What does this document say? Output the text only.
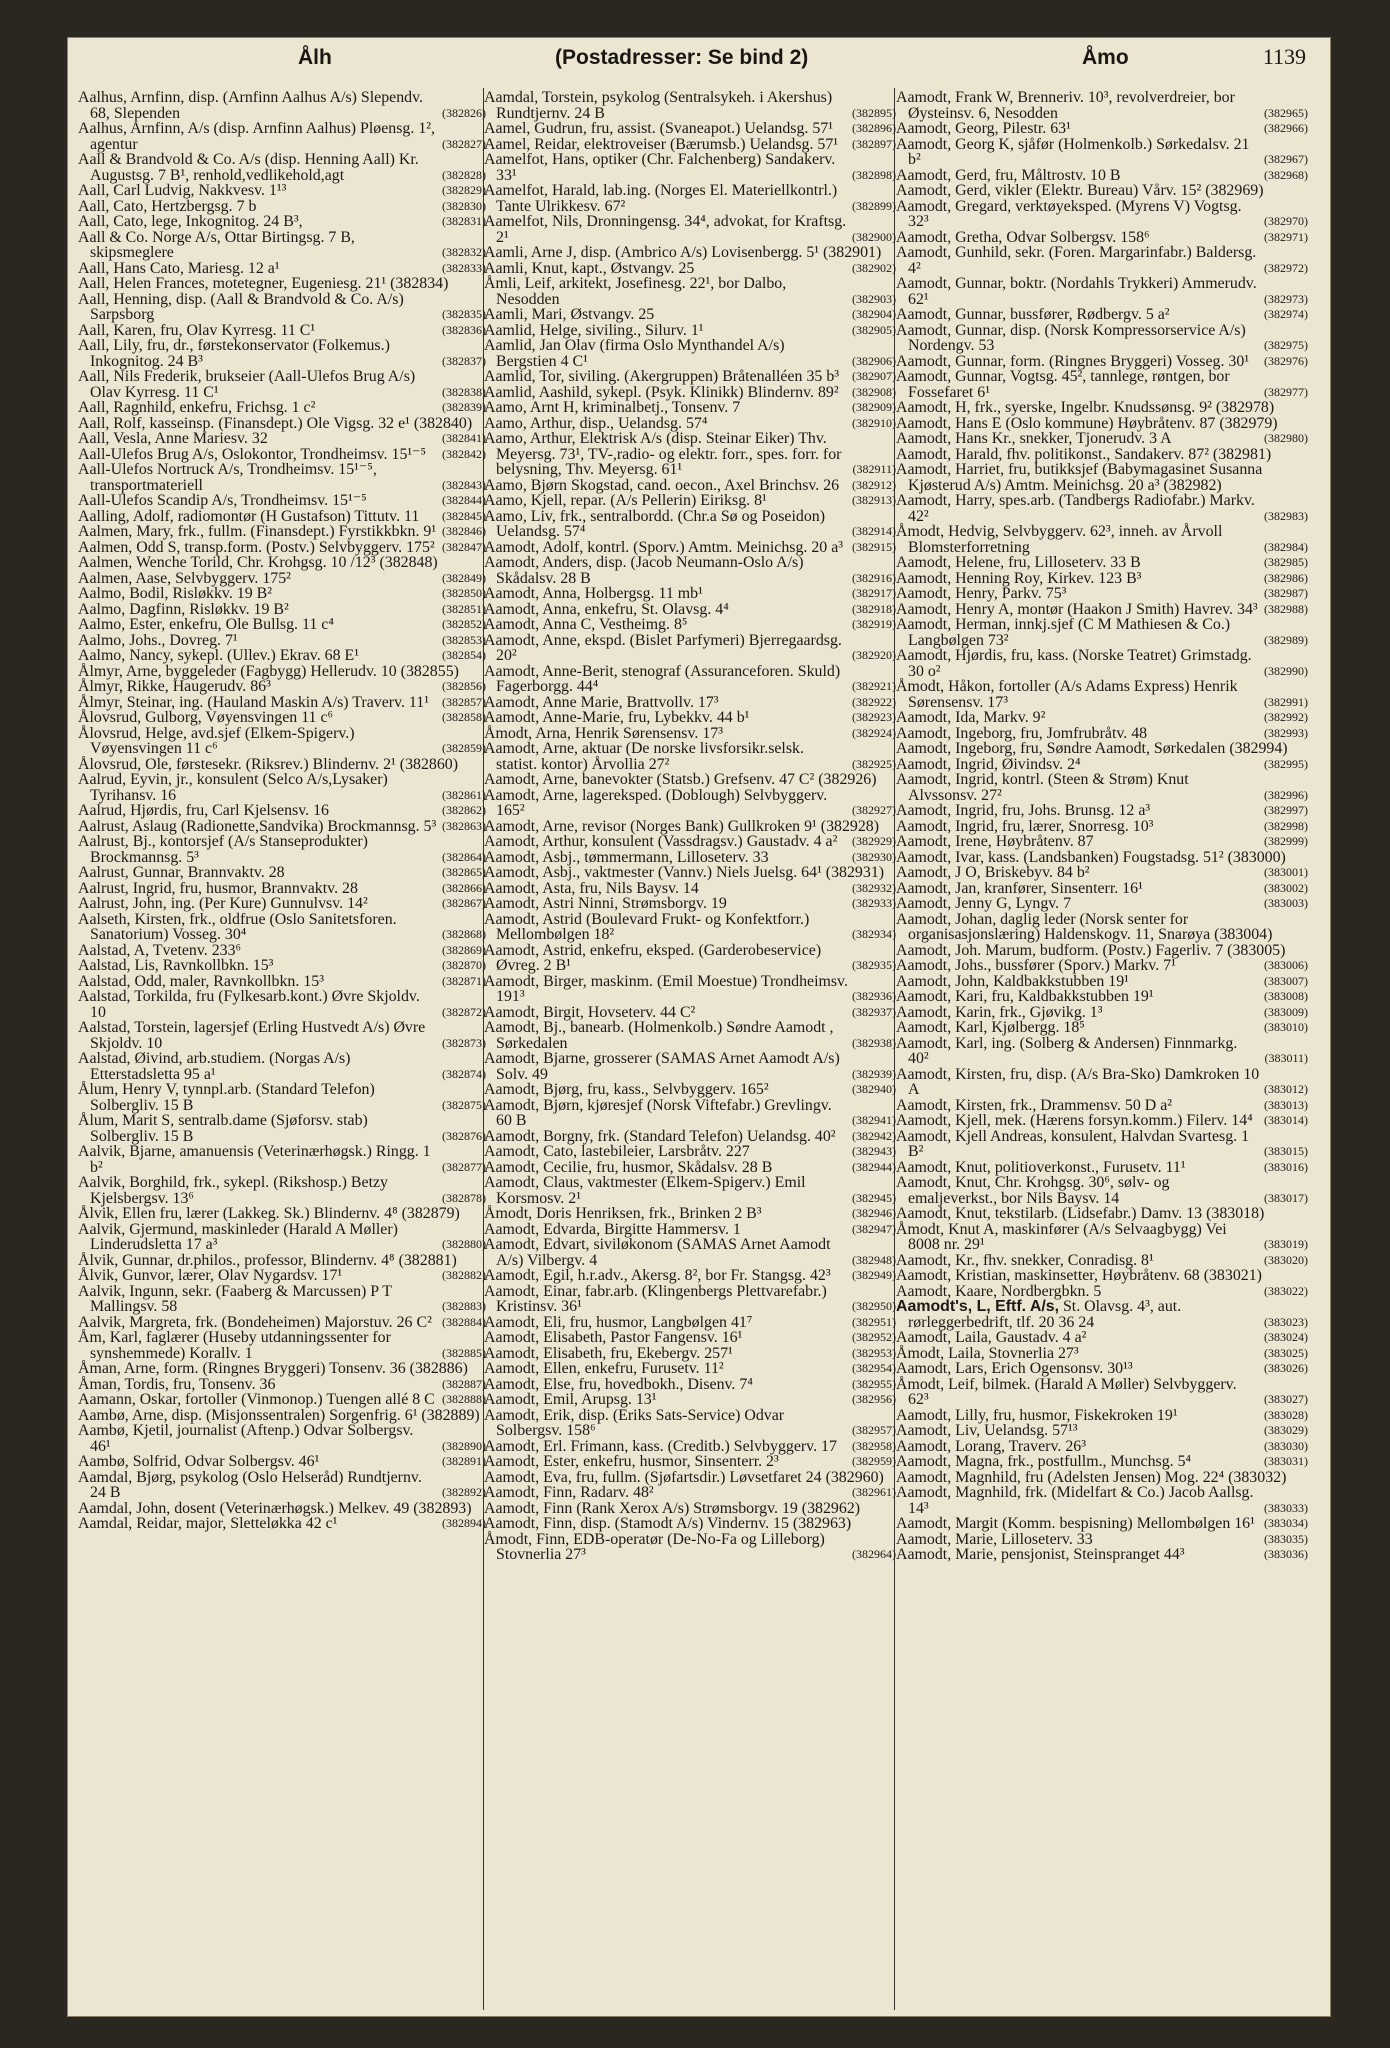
Ålh	(Postadresser: Se bind 2)	Åmo	1139
Aalhus, Arnfinn, disp. (Arnfinn Aalhus A/s) Slependv. 68, Slependen	(382826)
Aalhus, Arnfinn, A/s (disp. Arnfinn Aalhus) Pløensg. 1², agentur	(382827)
Aall & Brandvold & Co. A/s (disp. Henning Aall) Kr. Augustsg. 7 B¹, renhold,vedlikehold,agt	(382828)
Aall, Carl Ludvig, Nakkvesv. 1¹³	(382829)
Aall, Cato, Hertzbergsg. 7 b	(382830)
Aall, Cato, lege, Inkognitog. 24 B³,	(382831)
Aall & Co. Norge A/s, Ottar Birtingsg. 7 B, skipsmeglere	(382832)
Aall, Hans Cato, Mariesg. 12 a¹	(382833)
Aall, Helen Frances, motetegner, Eugeniesg. 21¹ (382834)
Aall, Henning, disp. (Aall & Brandvold & Co. A/s) Sarpsborg	(382835)
Aall, Karen, fru, Olav Kyrresg. 11 C¹	(382836)
Aall, Lily, fru, dr., førstekonservator (Folkemus.) Inkognitog. 24 B³	(382837)
Aall, Nils Frederik, brukseier (Aall-Ulefos Brug A/s) Olav Kyrresg. 11 C¹	(382838)
Aall, Ragnhild, enkefru, Frichsg. 1 c²	(382839)
Aall, Rolf, kasseinsp. (Finansdept.) Ole Vigsg. 32 e¹ (382840)
Aall, Vesla, Anne Mariesv. 32	(382841)
Aall-Ulefos Brug A/s, Oslokontor, Trondheimsv. 15¹⁻⁵	(382842)
Aall-Ulefos Nortruck A/s, Trondheimsv. 15¹⁻⁵, transportmateriell	(382843)
Aall-Ulefos Scandip A/s, Trondheimsv. 15¹⁻⁵	(382844)
Aalling, Adolf, radiomontør (H Gustafson) Tittutv. 11	(382845)
Aalmen, Mary, frk., fullm. (Finansdept.) Fyrstikkbkn. 9¹ (382846)
Aalmen, Odd S, transp.form. (Postv.) Selvbyggerv. 175² (382847)
Aalmen, Wenche Torild, Chr. Krohgsg. 10 /12³ (382848)
Aalmen, Aase, Selvbyggerv. 175²	(382849)
Aalmo, Bodil, Risløkkv. 19 B²	(382850)
Aalmo, Dagfinn, Risløkkv. 19 B²	(382851)
Aalmo, Ester, enkefru, Ole Bullsg. 11 c⁴	(382852)
Aalmo, Johs., Dovreg. 7¹	(382853)
Aalmo, Nancy, sykepl. (Ullev.) Ekrav. 68 E¹	(382854)
Ålmyr, Arne, byggeleder (Fagbygg) Hellerudv. 10 (382855)
Ålmyr, Rikke, Haugerudv. 86³	(382856)
Ålmyr, Steinar, ing. (Hauland Maskin A/s) Traverv. 11¹	(382857)
Ålovsrud, Gulborg, Vøyensvingen 11 c⁶	(382858)
Ålovsrud, Helge, avd.sjef (Elkem-Spigerv.) Vøyensvingen 11 c⁶	(382859)
Ålovsrud, Ole, førstesekr. (Riksrev.) Blindernv. 2¹ (382860)
Aalrud, Eyvin, jr., konsulent (Selco A/s,Lysaker) Tyrihansv. 16	(382861)
Aalrud, Hjørdis, fru, Carl Kjelsensv. 16	(382862)
Aalrust, Aslaug (Radionette,Sandvika) Brockmannsg. 5³ (382863)
Aalrust, Bj., kontorsjef (A/s Stanseprodukter) Brockmannsg. 5³	(382864)
Aalrust, Gunnar, Brannvaktv. 28	(382865)
Aalrust, Ingrid, fru, husmor, Brannvaktv. 28	(382866)
Aalrust, John, ing. (Per Kure) Gunnulvsv. 14²	(382867)
Aalseth, Kirsten, frk., oldfrue (Oslo Sanitetsforen. Sanatorium) Vosseg. 30⁴	(382868)
Aalstad, A, Tvetenv. 233⁶	(382869)
Aalstad, Lis, Ravnkollbkn. 15³	(382870)
Aalstad, Odd, maler, Ravnkollbkn. 15³	(382871)
Aalstad, Torkilda, fru (Fylkesarb.kont.) Øvre Skjoldv. 10	(382872)
Aalstad, Torstein, lagersjef (Erling Hustvedt A/s) Øvre Skjoldv. 10	(382873)
Aalstad, Øivind, arb.studiem. (Norgas A/s) Etterstadsletta 95 a¹	(382874)
Ålum, Henry V, tynnpl.arb. (Standard Telefon) Solbergliv. 15 B	(382875)
Ålum, Marit S, sentralb.dame (Sjøforsv. stab) Solbergliv. 15 B	(382876)
Aalvik, Bjarne, amanuensis (Veterinærhøgsk.) Ringg. 1 b²	(382877)
Aalvik, Borghild, frk., sykepl. (Rikshosp.) Betzy Kjelsbergsv. 13⁶	(382878)
Ålvik, Ellen fru, lærer (Lakkeg. Sk.) Blindernv. 4⁸ (382879)
Aalvik, Gjermund, maskinleder (Harald A Møller) Linderudsletta 17 a³	(382880)
Ålvik, Gunnar, dr.philos., professor, Blindernv. 4⁸ (382881)
Ålvik, Gunvor, lærer, Olav Nygardsv. 17¹	(382882)
Aalvik, Ingunn, sekr. (Faaberg & Marcussen) P T Mallingsv. 58	(382883)
Aalvik, Margreta, frk. (Bondeheimen) Majorstuv. 26 C² (382884)
Åm, Karl, faglærer (Huseby utdanningssenter for synshemmede) Korallv. 1	(382885)
Åman, Arne, form. (Ringnes Bryggeri) Tonsenv. 36 (382886)
Åman, Tordis, fru, Tonsenv. 36	(382887)
Aamann, Oskar, fortoller (Vinmonop.) Tuengen allé 8 C (382888)
Aambø, Arne, disp. (Misjonssentralen) Sorgenfrig. 6¹ (382889)
Aambø, Kjetil, journalist (Aftenp.) Odvar Solbergsv. 46¹	(382890)
Aambø, Solfrid, Odvar Solbergsv. 46¹	(382891)
Aamdal, Bjørg, psykolog (Oslo Helseråd) Rundtjernv. 24 B	(382892)
Aamdal, John, dosent (Veterinærhøgsk.) Melkev. 49 (382893)
Aamdal, Reidar, major, Sletteløkka 42 c¹	(382894)
Aamdal, Torstein, psykolog (Sentralsykeh. i Akershus) Rundtjernv. 24 B	(382895)
Aamel, Gudrun, fru, assist. (Svaneapot.) Uelandsg. 57¹	(382896)
Aamel, Reidar, elektroveiser (Bærumsb.) Uelandsg. 57¹	(382897)
Aamelfot, Hans, optiker (Chr. Falchenberg) Sandakerv. 33¹	(382898)
Aamelfot, Harald, lab.ing. (Norges El. Materiellkontrl.) Tante Ulrikkesv. 67²	(382899)
Aamelfot, Nils, Dronningensg. 34⁴, advokat, for Kraftsg. 2¹	(382900)
Aamli, Arne J, disp. (Ambrico A/s) Lovisenbergg. 5¹ (382901)
Aamli, Knut, kapt., Østvangv. 25	(382902)
Åmli, Leif, arkitekt, Josefinesg. 22¹, bor Dalbo, Nesodden	(382903)
Aamli, Mari, Østvangv. 25	(382904)
Aamlid, Helge, siviling., Silurv. 1¹	(382905)
Aamlid, Jan Olav (firma Oslo Mynthandel A/s) Bergstien 4 C¹	(382906)
Aamlid, Tor, siviling. (Akergruppen) Bråtenalléen 35 b³	(382907)
Aamlid, Aashild, sykepl. (Psyk. Klinikk) Blindernv. 89²	(382908)
Aamo, Arnt H, kriminalbetj., Tonsenv. 7	(382909)
Aamo, Arthur, disp., Uelandsg. 57⁴	(382910)
Aamo, Arthur, Elektrisk A/s (disp. Steinar Eiker) Thv. Meyersg. 73¹, TV-,radio- og elektr. forr., spes. forr. for belysning, Thv. Meyersg. 61¹	(382911)
Aamo, Bjørn Skogstad, cand. oecon., Axel Brinchsv. 26	(382912)
Aamo, Kjell, repar. (A/s Pellerin) Eiriksg. 8¹	(382913)
Aamo, Liv, frk., sentralbordd. (Chr.a Sø og Poseidon) Uelandsg. 57⁴	(382914)
Aamodt, Adolf, kontrl. (Sporv.) Amtm. Meinichsg. 20 a³ (382915)
Aamodt, Anders, disp. (Jacob Neumann-Oslo A/s) Skådalsv. 28 B	(382916)
Aamodt, Anna, Holbergsg. 11 mb¹	(382917)
Aamodt, Anna, enkefru, St. Olavsg. 4⁴	(382918)
Aamodt, Anna C, Vestheimg. 8⁵	(382919)
Aamodt, Anne, ekspd. (Bislet Parfymeri) Bjerregaardsg. 20²	(382920)
Aamodt, Anne-Berit, stenograf (Assuranceforen. Skuld) Fagerborgg. 44⁴	(382921)
Aamodt, Anne Marie, Brattvollv. 17³	(382922)
Aamodt, Anne-Marie, fru, Lybekkv. 44 b¹	(382923)
Åmodt, Arna, Henrik Sørensensv. 17³	(382924)
Aamodt, Arne, aktuar (De norske livsforsikr.selsk. statist. kontor) Årvollia 27²	(382925)
Aamodt, Arne, banevokter (Statsb.) Grefsenv. 47 C² (382926)
Aamodt, Arne, lagereksped. (Doblough) Selvbyggerv. 165²	(382927)
Aamodt, Arne, revisor (Norges Bank) Gullkroken 9¹ (382928)
Aamodt, Arthur, konsulent (Vassdragsv.) Gaustadv. 4 a²	(382929)
Aamodt, Asbj., tømmermann, Lilloseterv. 33	(382930)
Aamodt, Asbj., vaktmester (Vannv.) Niels Juelsg. 64¹ (382931)
Aamodt, Asta, fru, Nils Baysv. 14	(382932)
Aamodt, Astri Ninni, Strømsborgv. 19	(382933)
Aamodt, Astrid (Boulevard Frukt- og Konfektforr.) Mellombølgen 18²	(382934)
Aamodt, Astrid, enkefru, eksped. (Garderobeservice) Øvreg. 2 B¹	(382935)
Aamodt, Birger, maskinm. (Emil Moestue) Trondheimsv. 191³	(382936)
Aamodt, Birgit, Hovseterv. 44 C²	(382937)
Aamodt, Bj., banearb. (Holmenkolb.) Søndre Aamodt , Sørkedalen	(382938)
Aamodt, Bjarne, grosserer (SAMAS Arnet Aamodt A/s) Solv. 49	(382939)
Aamodt, Bjørg, fru, kass., Selvbyggerv. 165²	(382940)
Aamodt, Bjørn, kjøresjef (Norsk Viftefabr.) Grevlingv. 60 B	(382941)
Aamodt, Borgny, frk. (Standard Telefon) Uelandsg. 40²	(382942)
Aamodt, Cato, lastebileier, Larsbråtv. 227	(382943)
Aamodt, Cecilie, fru, husmor, Skådalsv. 28 B	(382944)
Aamodt, Claus, vaktmester (Elkem-Spigerv.) Emil Korsmosv. 2¹	(382945)
Åmodt, Doris Henriksen, frk., Brinken 2 B³	(382946)
Aamodt, Edvarda, Birgitte Hammersv. 1	(382947)
Aamodt, Edvart, siviløkonom (SAMAS Arnet Aamodt A/s) Vilbergv. 4	(382948)
Aamodt, Egil, h.r.adv., Akersg. 8², bor Fr. Stangsg. 42³	(382949)
Aamodt, Einar, fabr.arb. (Klingenbergs Plettvarefabr.) Kristinsv. 36¹	(382950)
Aamodt, Eli, fru, husmor, Langbølgen 41⁷	(382951)
Aamodt, Elisabeth, Pastor Fangensv. 16¹	(382952)
Aamodt, Elisabeth, fru, Ekebergv. 257¹	(382953)
Aamodt, Ellen, enkefru, Furusetv. 11²	(382954)
Aamodt, Else, fru, hovedbokh., Disenv. 7⁴	(382955)
Aamodt, Emil, Arupsg. 13¹	(382956)
Aamodt, Erik, disp. (Eriks Sats-Service) Odvar Solbergsv. 158⁶	(382957)
Aamodt, Erl. Frimann, kass. (Creditb.) Selvbyggerv. 17	(382958)
Aamodt, Ester, enkefru, husmor, Sinsenterr. 2³	(382959)
Aamodt, Eva, fru, fullm. (Sjøfartsdir.) Løvsetfaret 24 (382960)
Aamodt, Finn, Radarv. 48²	(382961)
Aamodt, Finn (Rank Xerox A/s) Strømsborgv. 19 (382962)
Aamodt, Finn, disp. (Stamodt A/s) Vindernv. 15 (382963)
Åmodt, Finn, EDB-operatør (De-No-Fa og Lilleborg) Stovnerlia 27³	(382964)
Aamodt, Frank W, Brenneriv. 10³, revolverdreier, bor Øysteinsv. 6, Nesodden	(382965)
Aamodt, Georg, Pilestr. 63¹	(382966)
Aamodt, Georg K, sjåfør (Holmenkolb.) Sørkedalsv. 21 b²	(382967)
Aamodt, Gerd, fru, Måltrostv. 10 B	(382968)
Aamodt, Gerd, vikler (Elektr. Bureau) Vårv. 15² (382969)
Aamodt, Gregard, verktøyeksped. (Myrens V) Vogtsg. 32³	(382970)
Aamodt, Gretha, Odvar Solbergsv. 158⁶	(382971)
Aamodt, Gunhild, sekr. (Foren. Margarinfabr.) Baldersg. 4²	(382972)
Aamodt, Gunnar, boktr. (Nordahls Trykkeri) Ammerudv. 62¹	(382973)
Aamodt, Gunnar, bussfører, Rødbergv. 5 a²	(382974)
Aamodt, Gunnar, disp. (Norsk Kompressorservice A/s) Nordengv. 53	(382975)
Aamodt, Gunnar, form. (Ringnes Bryggeri) Vosseg. 30¹	(382976)
Aamodt, Gunnar, Vogtsg. 45², tannlege, røntgen, bor Fossefaret 6¹	(382977)
Aamodt, H, frk., syerske, Ingelbr. Knudssønsg. 9² (382978)
Aamodt, Hans E (Oslo kommune) Høybråtenv. 87 (382979)
Aamodt, Hans Kr., snekker, Tjonerudv. 3 A	(382980)
Aamodt, Harald, fhv. politikonst., Sandakerv. 87² (382981)
Aamodt, Harriet, fru, butikksjef (Babymagasinet Susanna Kjøsterud A/s) Amtm. Meinichsg. 20 a³ (382982)
Aamodt, Harry, spes.arb. (Tandbergs Radiofabr.) Markv. 42²	(382983)
Åmodt, Hedvig, Selvbyggerv. 62³, inneh. av Årvoll Blomsterforretning	(382984)
Aamodt, Helene, fru, Lilloseterv. 33 B	(382985)
Aamodt, Henning Roy, Kirkev. 123 B³	(382986)
Aamodt, Henry, Parkv. 75³	(382987)
Aamodt, Henry A, montør (Haakon J Smith) Havrev. 34³ (382988)
Aamodt, Herman, innkj.sjef (C M Mathiesen & Co.) Langbølgen 73²	(382989)
Aamodt, Hjørdis, fru, kass. (Norske Teatret) Grimstadg. 30 o²	(382990)
Åmodt, Håkon, fortoller (A/s Adams Express) Henrik Sørensensv. 17³	(382991)
Aamodt, Ida, Markv. 9²	(382992)
Aamodt, Ingeborg, fru, Jomfrubråtv. 48	(382993)
Aamodt, Ingeborg, fru, Søndre Aamodt, Sørkedalen (382994)
Aamodt, Ingrid, Øivindsv. 2⁴	(382995)
Aamodt, Ingrid, kontrl. (Steen & Strøm) Knut Alvssonsv. 27²	(382996)
Aamodt, Ingrid, fru, Johs. Brunsg. 12 a³	(382997)
Aamodt, Ingrid, fru, lærer, Snorresg. 10³	(382998)
Aamodt, Irene, Høybråtenv. 87	(382999)
Aamodt, Ivar, kass. (Landsbanken) Fougstadsg. 51² (383000)
Aamodt, J O, Briskebyv. 84 b²	(383001)
Aamodt, Jan, kranfører, Sinsenterr. 16¹	(383002)
Aamodt, Jenny G, Lyngv. 7	(383003)
Aamodt, Johan, daglig leder (Norsk senter for organisasjonslæring) Haldenskogv. 11, Snarøya (383004)
Aamodt, Joh. Marum, budform. (Postv.) Fagerliv. 7 (383005)
Aamodt, Johs., bussfører (Sporv.) Markv. 7¹	(383006)
Aamodt, John, Kaldbakkstubben 19¹	(383007)
Aamodt, Kari, fru, Kaldbakkstubben 19¹	(383008)
Aamodt, Karin, frk., Gjøvikg. 1³	(383009)
Aamodt, Karl, Kjølbergg. 18⁵	(383010)
Aamodt, Karl, ing. (Solberg & Andersen) Finnmarkg. 40²	(383011)
Aamodt, Kirsten, fru, disp. (A/s Bra-Sko) Damkroken 10 A	(383012)
Aamodt, Kirsten, frk., Drammensv. 50 D a²	(383013)
Aamodt, Kjell, mek. (Hærens forsyn.komm.) Filerv. 14⁴ (383014)
Aamodt, Kjell Andreas, konsulent, Halvdan Svartesg. 1 B²	(383015)
Aamodt, Knut, politioverkonst., Furusetv. 11¹	(383016)
Aamodt, Knut, Chr. Krohgsg. 30⁶, sølv- og emaljeverkst., bor Nils Baysv. 14	(383017)
Aamodt, Knut, tekstilarb. (Lidsefabr.) Damv. 13 (383018)
Åmodt, Knut A, maskinfører (A/s Selvaagbygg) Vei 8008 nr. 29¹	(383019)
Aamodt, Kr., fhv. snekker, Conradisg. 8¹	(383020)
Aamodt, Kristian, maskinsetter, Høybråtenv. 68 (383021)
Aamodt, Kaare, Nordbergbkn. 5	(383022)
Aamodt's, L, Eftf. A/s, St. Olavsg. 4³, aut. rørleggerbedrift, tlf. 20 36 24	(383023)
Aamodt, Laila, Gaustadv. 4 a²	(383024)
Åmodt, Laila, Stovnerlia 27³	(383025)
Aamodt, Lars, Erich Ogensonsv. 30¹³	(383026)
Åmodt, Leif, bilmek. (Harald A Møller) Selvbyggerv. 62³	(383027)
Aamodt, Lilly, fru, husmor, Fiskekroken 19¹	(383028)
Aamodt, Liv, Uelandsg. 57¹³	(383029)
Aamodt, Lorang, Traverv. 26³	(383030)
Aamodt, Magna, frk., postfullm., Munchsg. 5⁴	(383031)
Aamodt, Magnhild, fru (Adelsten Jensen) Mog. 22⁴ (383032)
Aamodt, Magnhild, frk. (Midelfart & Co.) Jacob Aallsg. 14³	(383033)
Aamodt, Margit (Komm. bespisning) Mellombølgen 16¹ (383034)
Aamodt, Marie, Lilloseterv. 33	(383035)
Aamodt, Marie, pensjonist, Steinspranget 44³	(383036)
